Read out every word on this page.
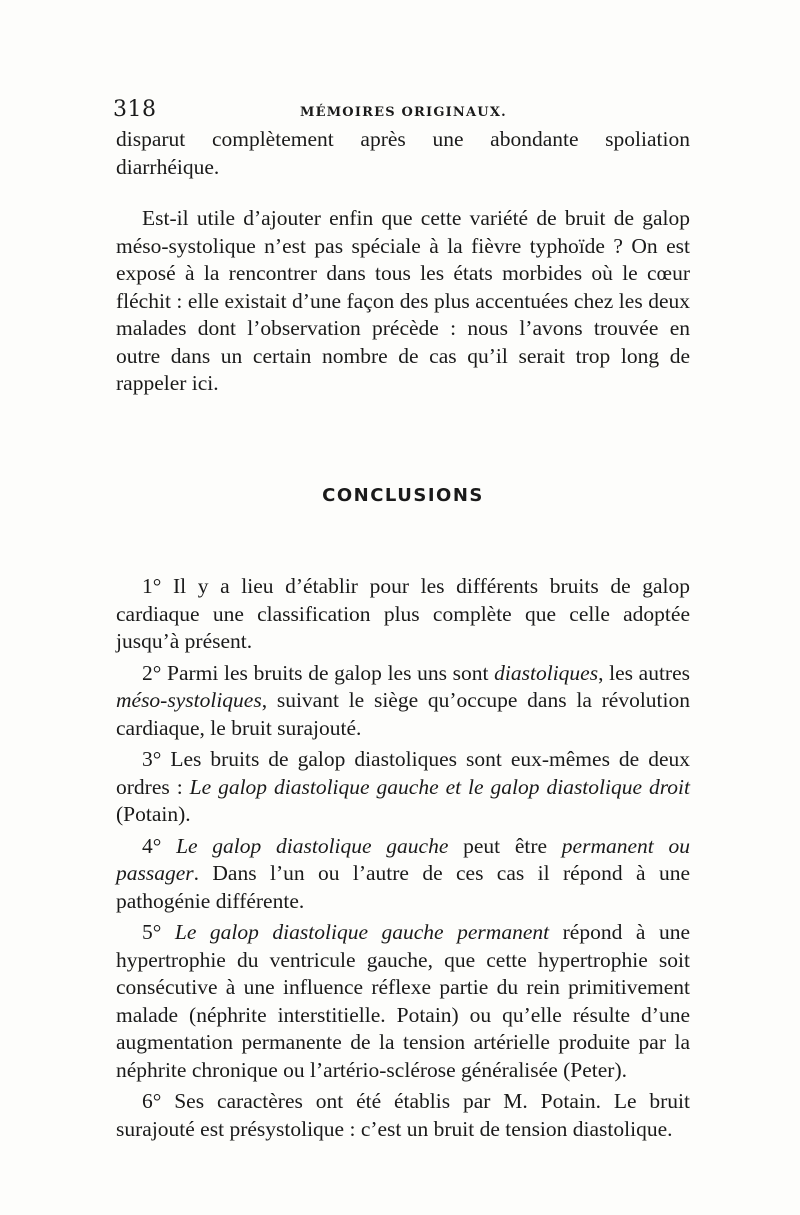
318	MÉMOIRES ORIGINAUX.

disparut complètement après une abondante spoliation diarrhéique.

Est-il utile d’ajouter enfin que cette variété de bruit de galop méso-systolique n’est pas spéciale à la fièvre typhoïde ? On est exposé à la rencontrer dans tous les états morbides où le cœur fléchit : elle existait d’une façon des plus accentuées chez les deux malades dont l’observation précède : nous l’avons trouvée en outre dans un certain nombre de cas qu’il serait trop long de rappeler ici.

CONCLUSIONS

1° Il y a lieu d’établir pour les différents bruits de galop cardiaque une classification plus complète que celle adoptée jusqu’à présent.

2° Parmi les bruits de galop les uns sont diastoliques, les autres méso-systoliques, suivant le siège qu’occupe dans la révolution cardiaque, le bruit surajouté.

3° Les bruits de galop diastoliques sont eux-mêmes de deux ordres : Le galop diastolique gauche et le galop diastolique droit (Potain).

4° Le galop diastolique gauche peut être permanent ou passager. Dans l’un ou l’autre de ces cas il répond à une pathogénie différente.

5° Le galop diastolique gauche permanent répond à une hypertrophie du ventricule gauche, que cette hypertrophie soit consécutive à une influence réflexe partie du rein primitivement malade (néphrite interstitielle. Potain) ou qu’elle résulte d’une augmentation permanente de la tension artérielle produite par la néphrite chronique ou l’artério-sclérose généralisée (Peter).

6° Ses caractères ont été établis par M. Potain. Le bruit surajouté est présystolique : c’est un bruit de tension diastolique.
